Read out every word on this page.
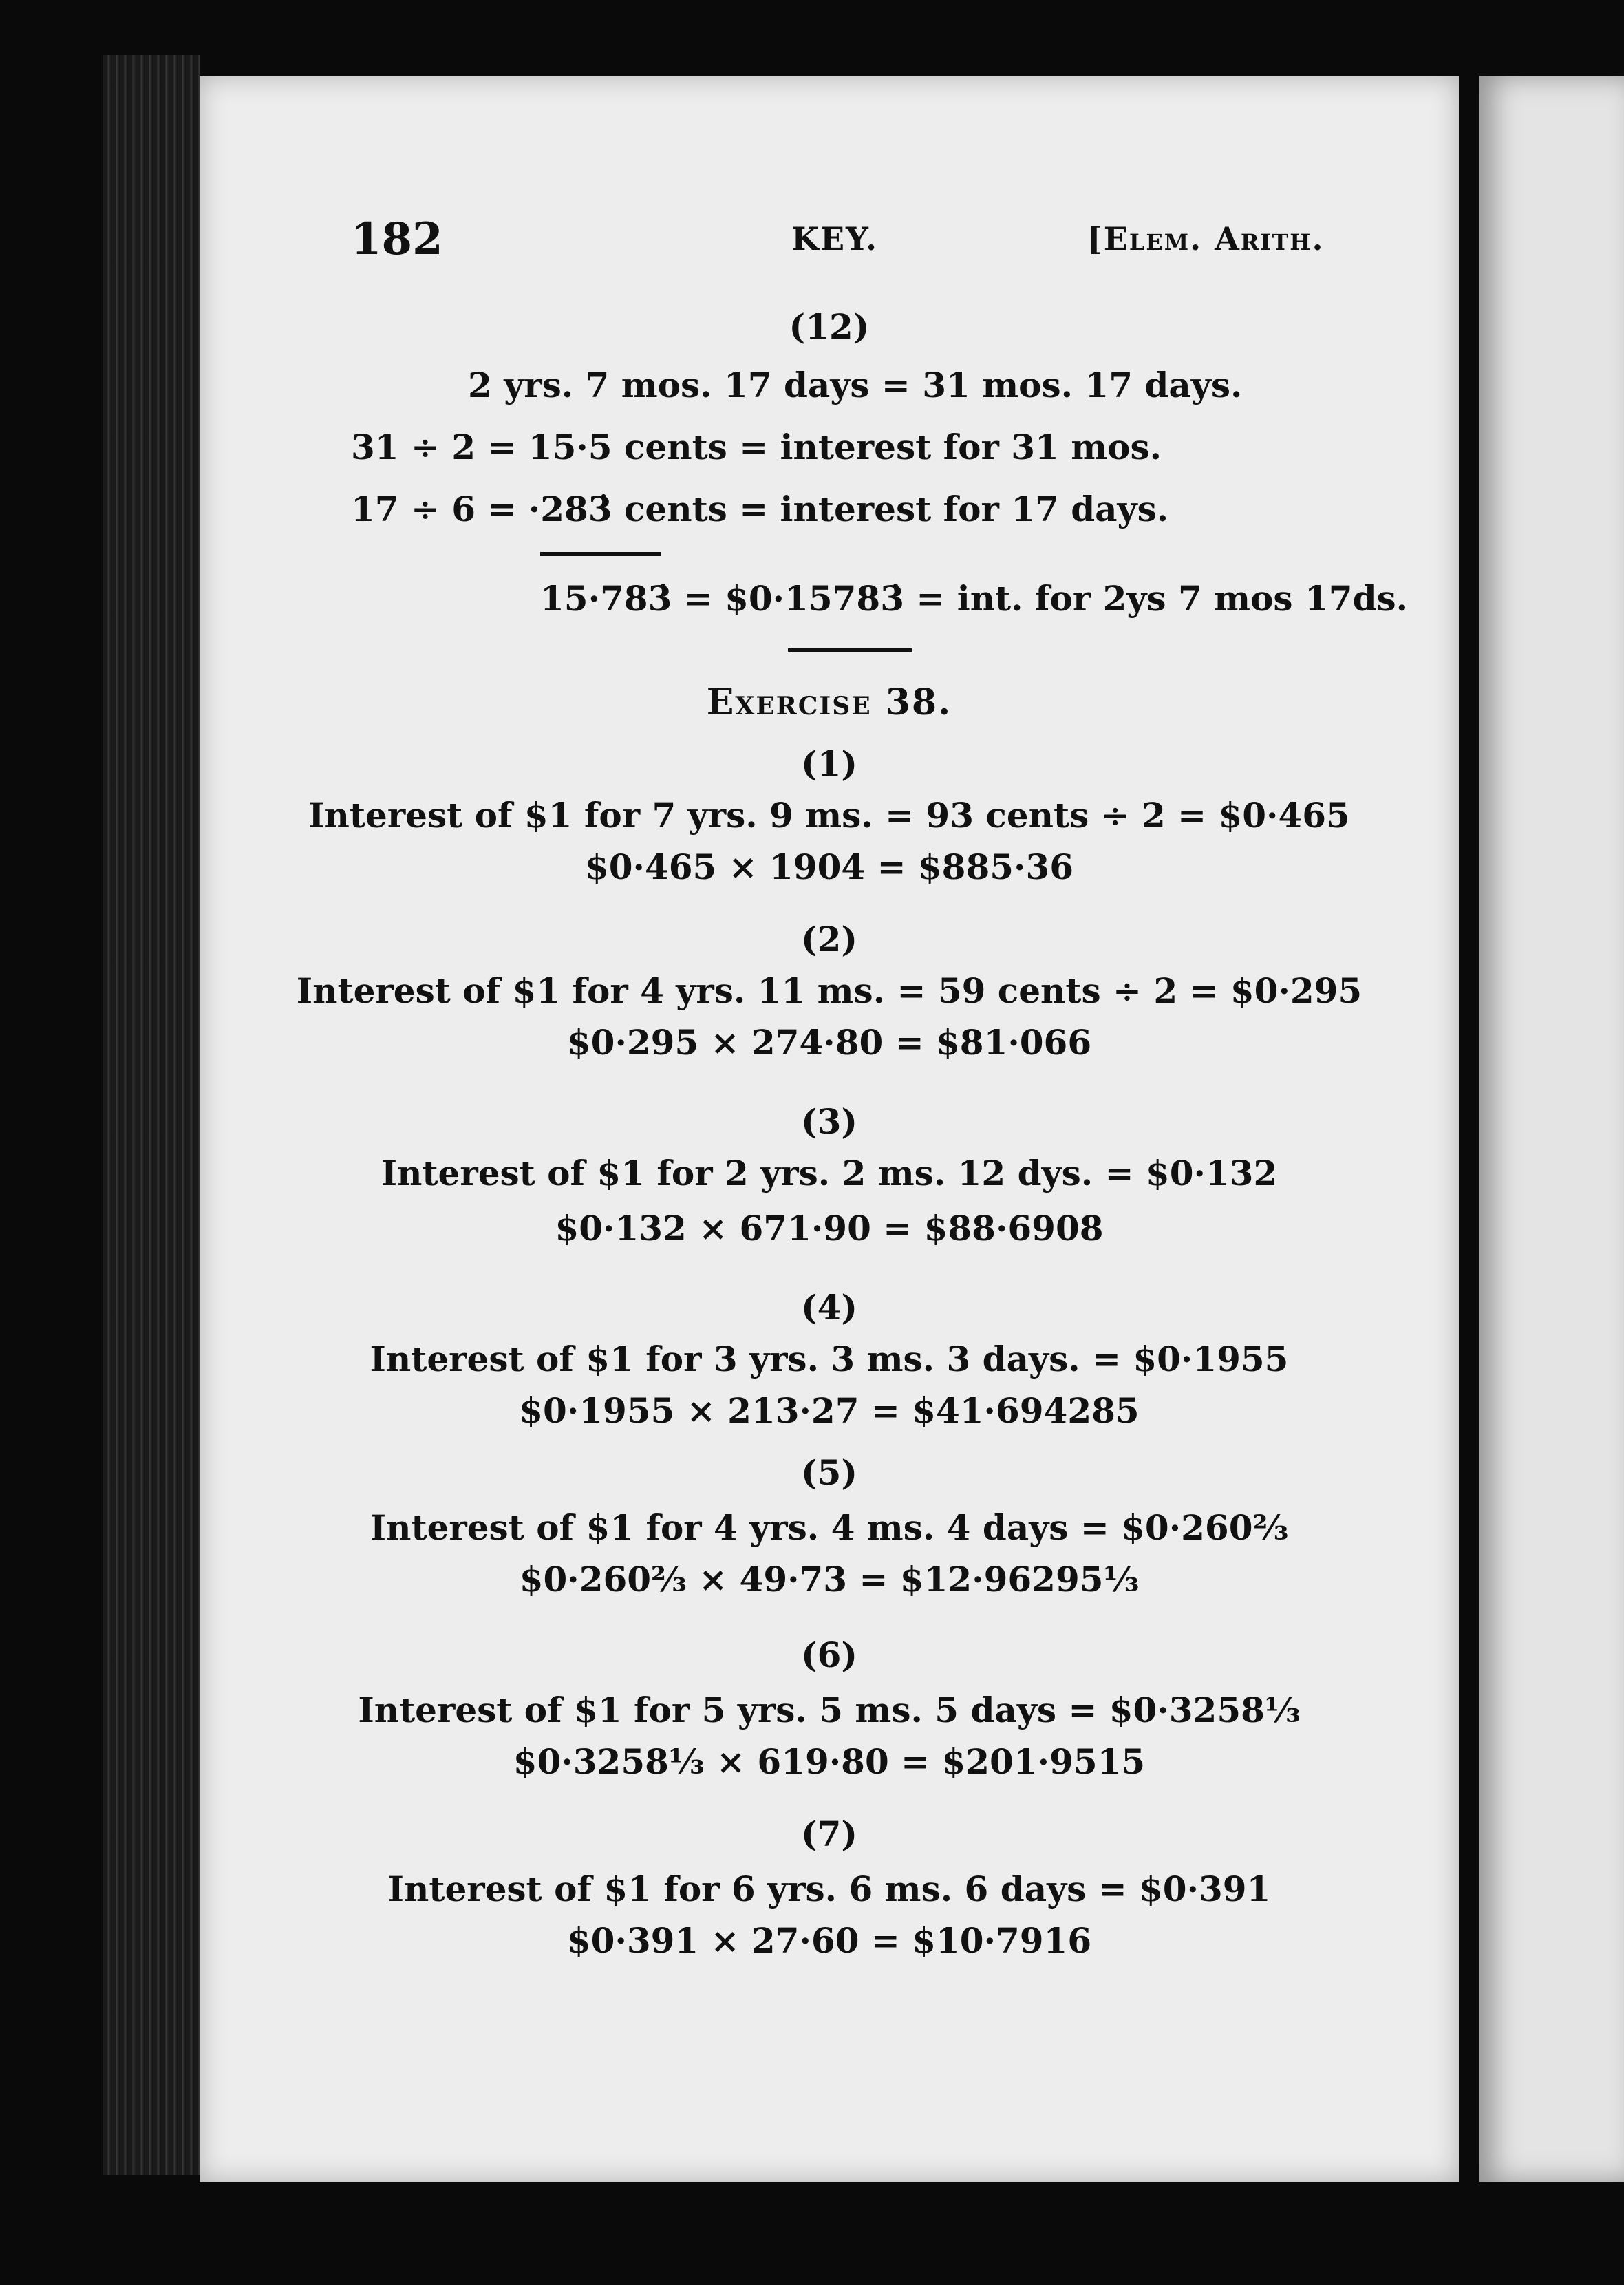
182	KEY.	[Elem. Arith.
(12)
2 yrs. 7 mos. 17 days = 31 mos. 17 days.
31 ÷ 2 = 15·5 cents = interest for 31 mos.
17 ÷ 6 = ·283̇ cents = interest for 17 days.
15·783̇ = $0·15783̇ = int. for 2ys 7 mos 17ds.
Exercise 38.
(1)
Interest of $1 for 7 yrs. 9 ms. = 93 cents ÷ 2 = $0·465
$0·465 × 1904 = $885·36
(2)
Interest of $1 for 4 yrs. 11 ms. = 59 cents ÷ 2 = $0·295
$0·295 × 274·80 = $81·066
(3)
Interest of $1 for 2 yrs. 2 ms. 12 dys. = $0·132
$0·132 × 671·90 = $88·6908
(4)
Interest of $1 for 3 yrs. 3 ms. 3 days. = $0·1955
$0·1955 × 213·27 = $41·694285
(5)
Interest of $1 for 4 yrs. 4 ms. 4 days = $0·260⅔
$0·260⅔ × 49·73 = $12·96295⅓
(6)
Interest of $1 for 5 yrs. 5 ms. 5 days = $0·3258⅓
$0·3258⅓ × 619·80 = $201·9515
(7)
Interest of $1 for 6 yrs. 6 ms. 6 days = $0·391
$0·391 × 27·60 = $10·7916
